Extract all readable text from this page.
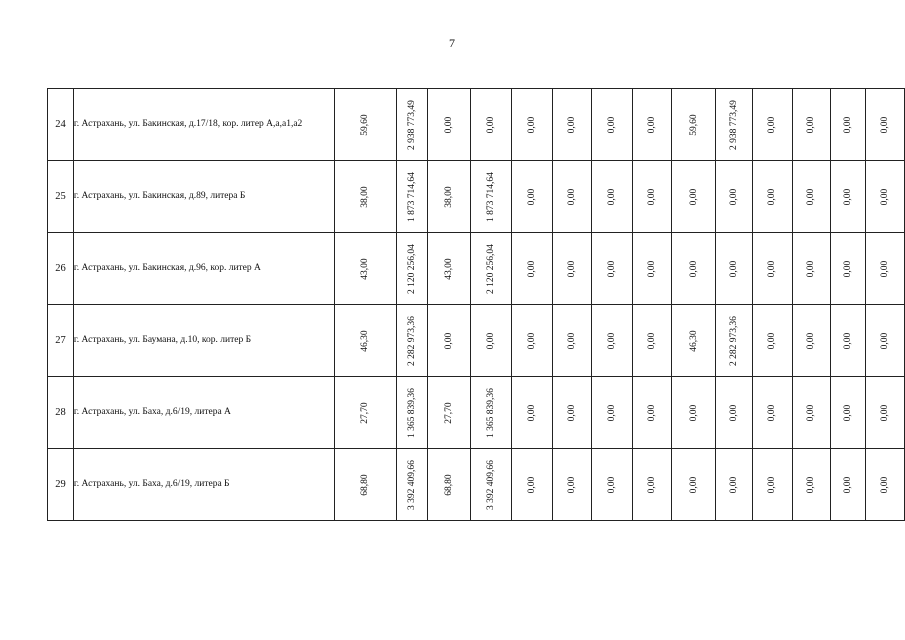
7
24	г. Астрахань, ул. Бакинская, д.17/18, кор. литер А,а,а1,а2	59,60	2 938 773,49	0,00	0,00	0,00	0,00	0,00	0,00	59,60	2 938 773,49	0,00	0,00	0,00	0,00

25	г. Астрахань, ул. Бакинская, д.89, литера Б	38,00	1 873 714,64	38,00	1 873 714,64	0,00	0,00	0,00	0,00	0,00	0,00	0,00	0,00	0,00	0,00

26	г. Астрахань, ул. Бакинская, д.96, кор. литер А	43,00	2 120 256,04	43,00	2 120 256,04	0,00	0,00	0,00	0,00	0,00	0,00	0,00	0,00	0,00	0,00

27	г. Астрахань, ул. Баумана, д.10, кор. литер Б	46,30	2 282 973,36	0,00	0,00	0,00	0,00	0,00	0,00	46,30	2 282 973,36	0,00	0,00	0,00	0,00

28	г. Астрахань, ул. Баха, д.6/19, литера А	27,70	1 365 839,36	27,70	1 365 839,36	0,00	0,00	0,00	0,00	0,00	0,00	0,00	0,00	0,00	0,00

29	г. Астрахань, ул. Баха, д.6/19, литера Б	68,80	3 392 409,66	68,80	3 392 409,66	0,00	0,00	0,00	0,00	0,00	0,00	0,00	0,00	0,00	0,00
